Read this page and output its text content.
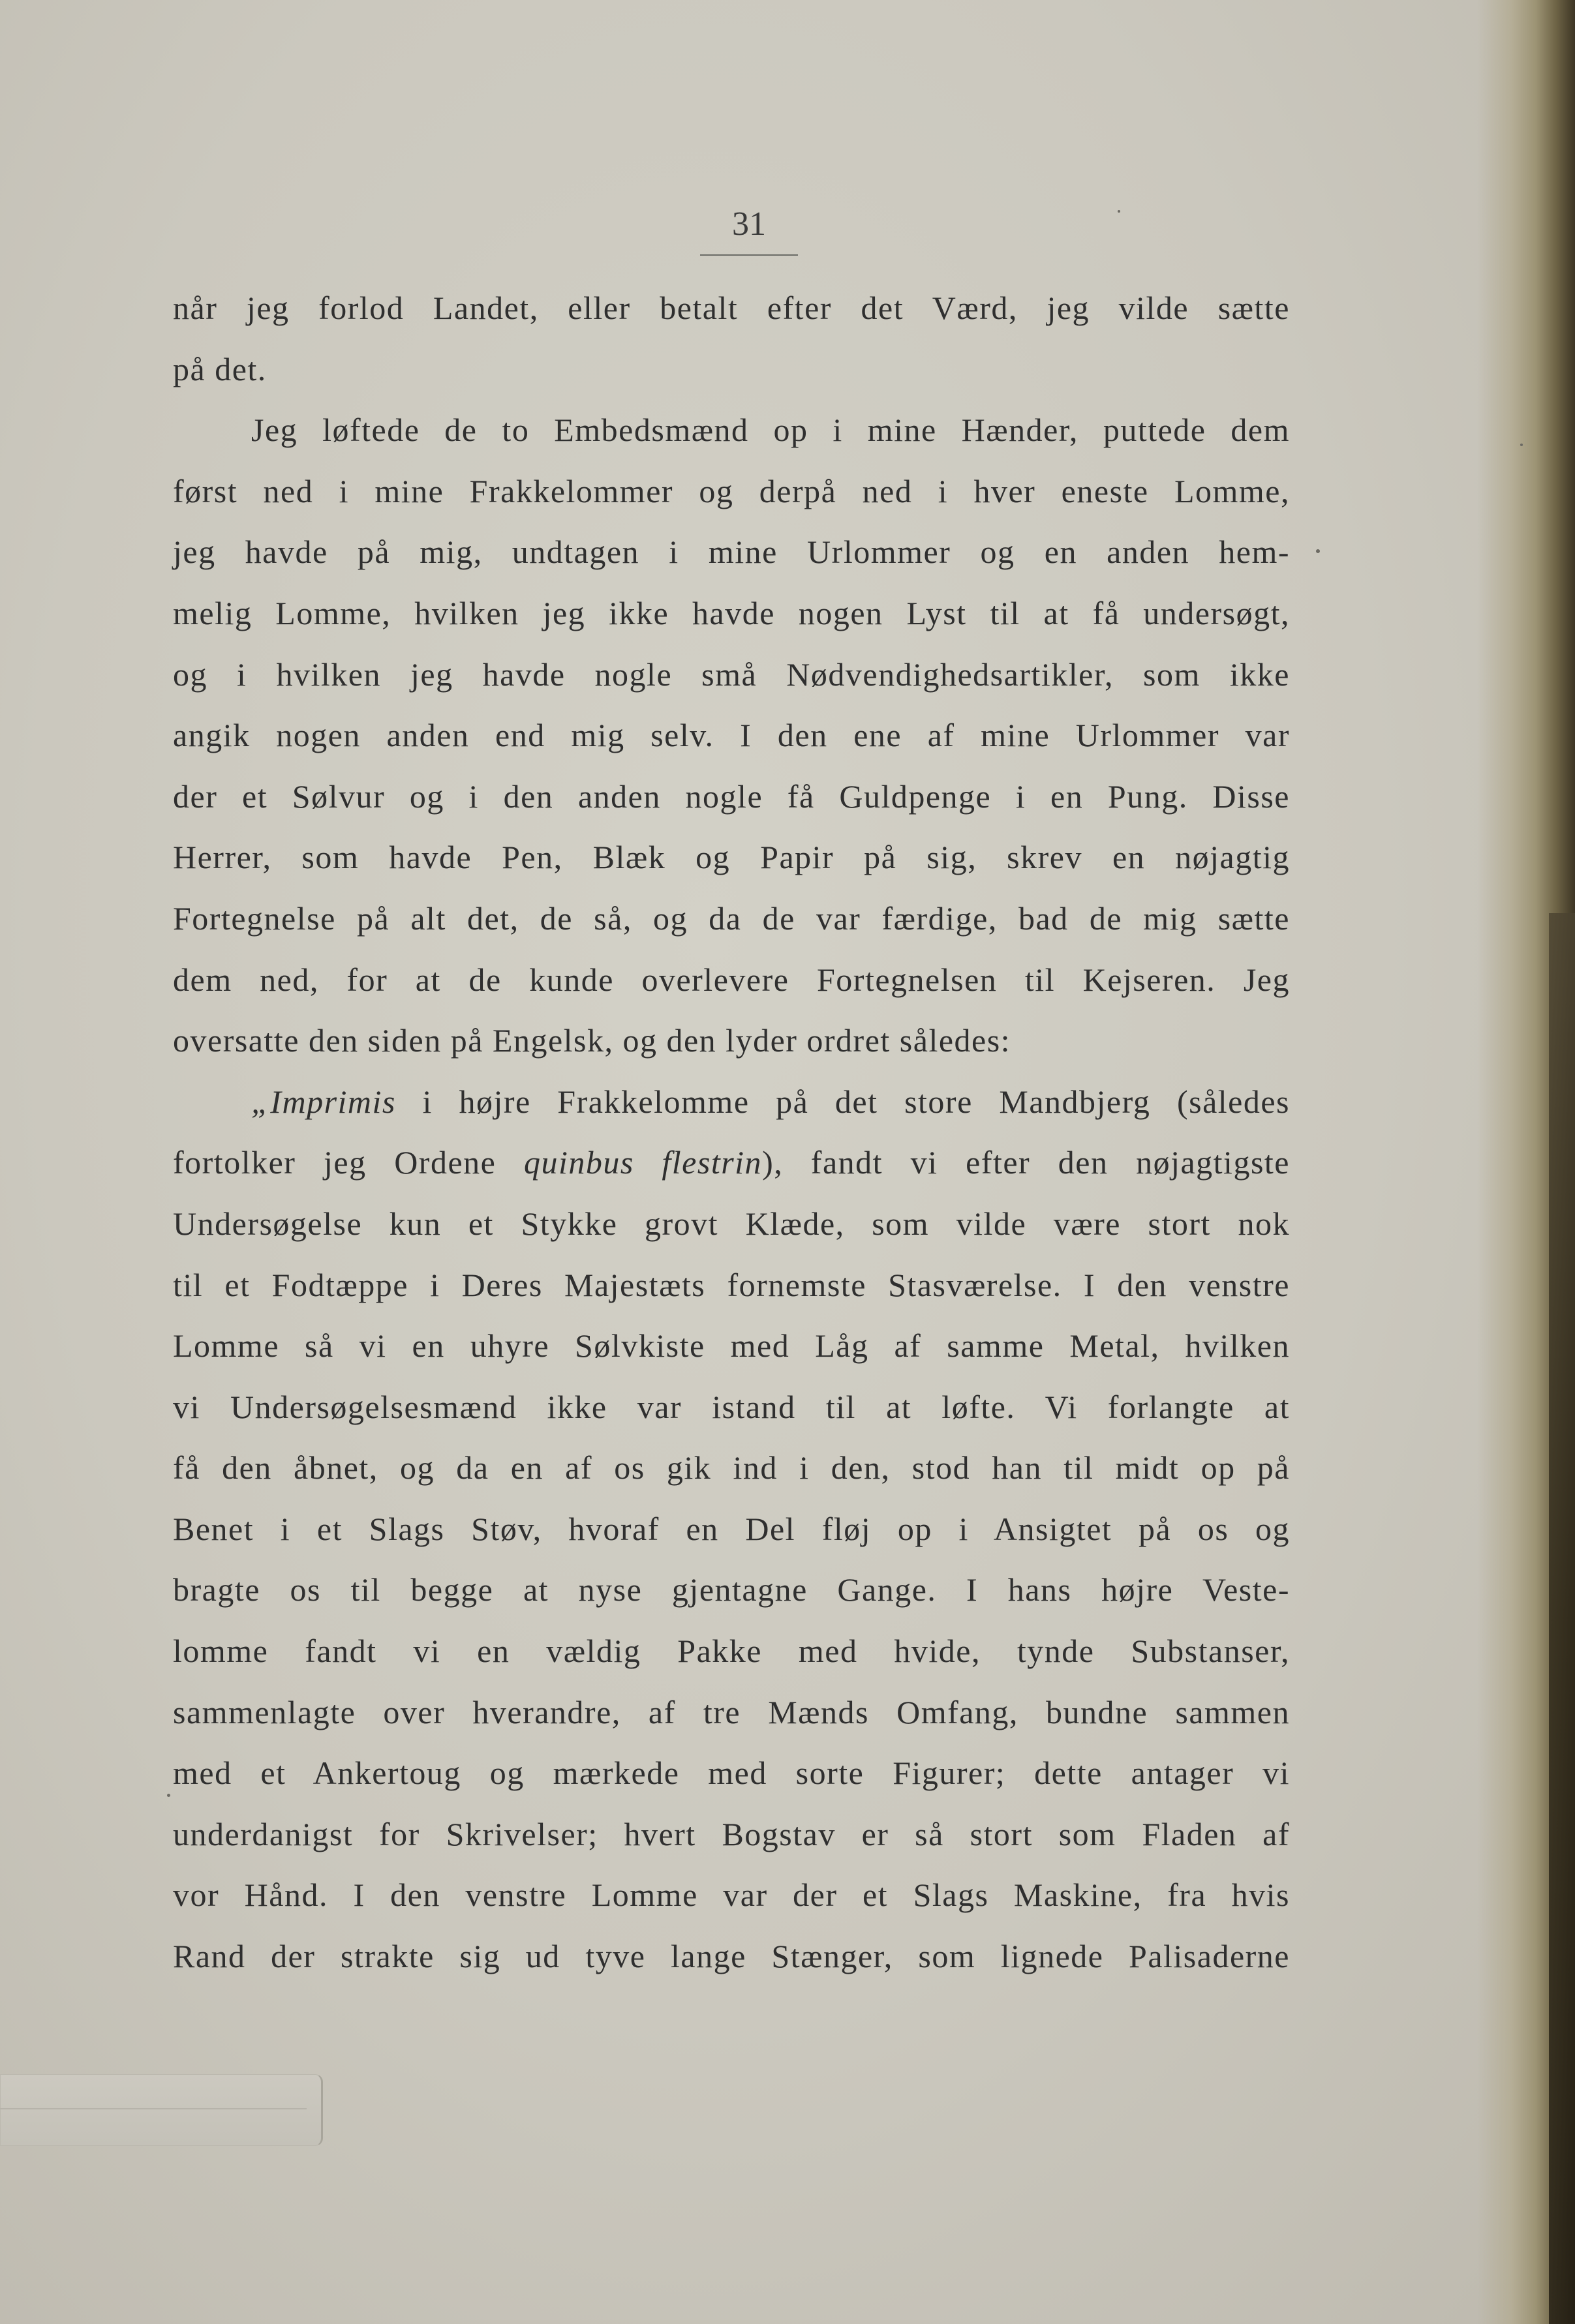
31
når jeg forlod Landet, eller betalt efter det Værd, jeg vilde sætte
på det.
Jeg løftede de to Embedsmænd op i mine Hænder, puttede dem
først ned i mine Frakkelommer og derpå ned i hver eneste Lomme,
jeg havde på mig, undtagen i mine Urlommer og en anden hem-
melig Lomme, hvilken jeg ikke havde nogen Lyst til at få undersøgt,
og i hvilken jeg havde nogle små Nødvendighedsartikler, som ikke
angik nogen anden end mig selv. I den ene af mine Urlommer var
der et Sølvur og i den anden nogle få Guldpenge i en Pung. Disse
Herrer, som havde Pen, Blæk og Papir på sig, skrev en nøjagtig
Fortegnelse på alt det, de så, og da de var færdige, bad de mig sætte
dem ned, for at de kunde overlevere Fortegnelsen til Kejseren. Jeg
oversatte den siden på Engelsk, og den lyder ordret således:
„Imprimis i højre Frakkelomme på det store Mandbjerg (således
fortolker jeg Ordene quinbus flestrin), fandt vi efter den nøjagtigste
Undersøgelse kun et Stykke grovt Klæde, som vilde være stort nok
til et Fodtæppe i Deres Majestæts fornemste Stasværelse. I den venstre
Lomme så vi en uhyre Sølvkiste med Låg af samme Metal, hvilken
vi Undersøgelsesmænd ikke var istand til at løfte. Vi forlangte at
få den åbnet, og da en af os gik ind i den, stod han til midt op på
Benet i et Slags Støv, hvoraf en Del fløj op i Ansigtet på os og
bragte os til begge at nyse gjentagne Gange. I hans højre Veste-
lomme fandt vi en vældig Pakke med hvide, tynde Substanser,
sammenlagte over hverandre, af tre Mænds Omfang, bundne sammen
med et Ankertoug og mærkede med sorte Figurer; dette antager vi
underdanigst for Skrivelser; hvert Bogstav er så stort som Fladen af
vor Hånd. I den venstre Lomme var der et Slags Maskine, fra hvis
Rand der strakte sig ud tyve lange Stænger, som lignede Palisaderne
